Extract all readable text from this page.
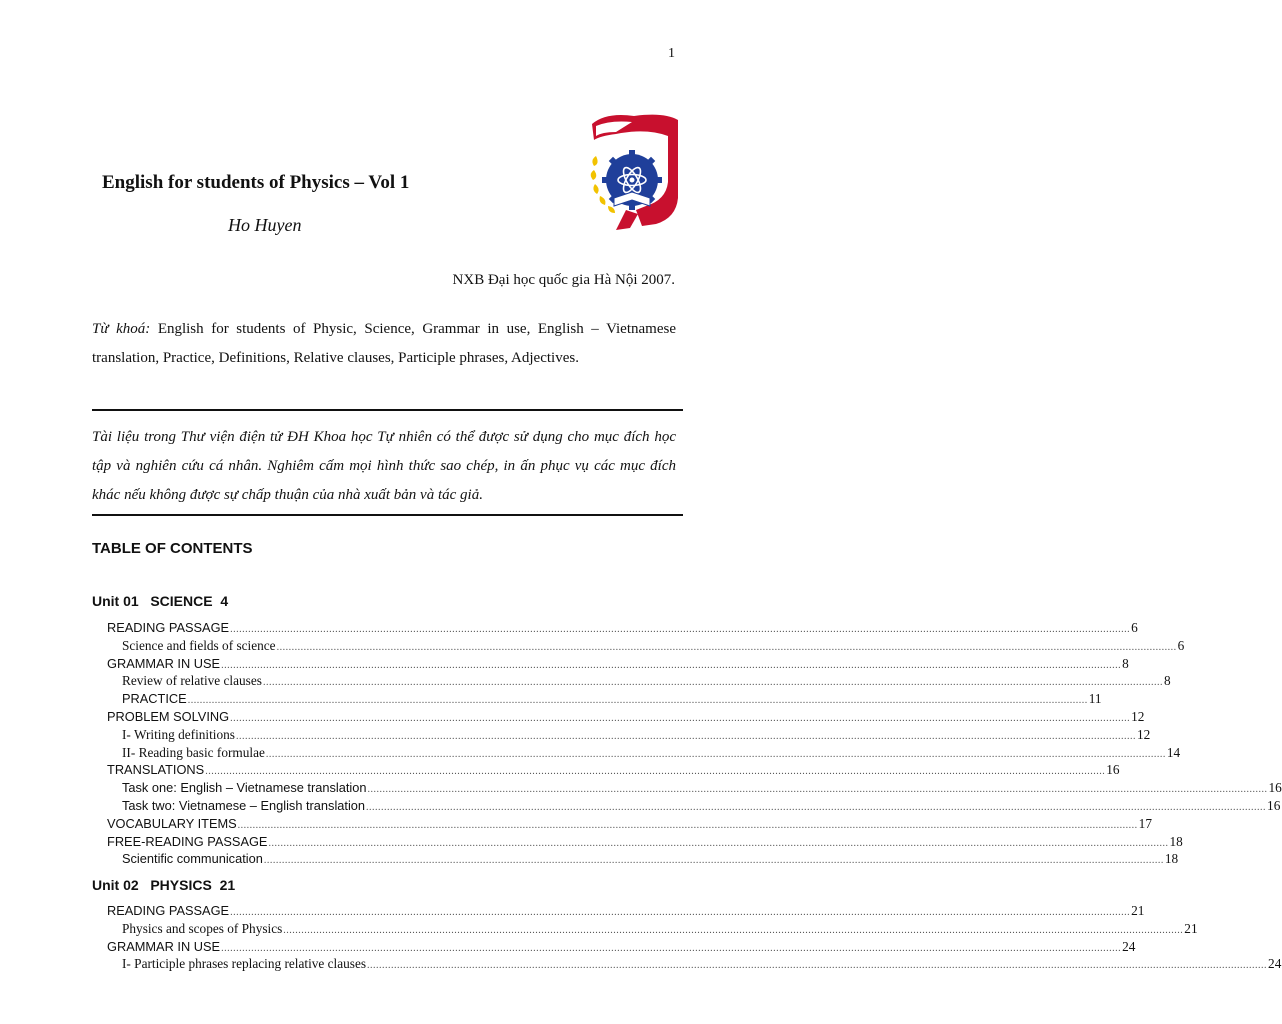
1
English for students of Physics – Vol 1
Ho Huyen
NXB Đại học quốc gia Hà Nội 2007.
Từ khoá: English for students of Physic, Science, Grammar in use, English – Vietnamese translation, Practice, Definitions, Relative clauses, Participle phrases, Adjectives.
Tài liệu trong Thư viện điện tử ĐH Khoa học Tự nhiên có thể được sử dụng cho mục đích học tập và nghiên cứu cá nhân. Nghiêm cấm mọi hình thức sao chép, in ấn phục vụ các mục đích khác nếu không được sự chấp thuận của nhà xuất bản và tác giả.
TABLE OF CONTENTS
Unit 01   SCIENCE  4
READING PASSAGE ............................................................................................................................................................................................................................................................................................................ 6
Science and fields of science ............................................................................................................................................................................................................................................................................................................ 6
GRAMMAR IN USE ............................................................................................................................................................................................................................................................................................................ 8
Review of relative clauses ............................................................................................................................................................................................................................................................................................................ 8
PRACTICE ............................................................................................................................................................................................................................................................................................................ 11
PROBLEM SOLVING ............................................................................................................................................................................................................................................................................................................ 12
I- Writing definitions ............................................................................................................................................................................................................................................................................................................ 12
II- Reading basic formulae ............................................................................................................................................................................................................................................................................................................ 14
TRANSLATIONS ............................................................................................................................................................................................................................................................................................................ 16
Task one: English – Vietnamese translation ............................................................................................................................................................................................................................................................................................................ 16
Task two: Vietnamese – English translation ............................................................................................................................................................................................................................................................................................................ 16
VOCABULARY ITEMS ............................................................................................................................................................................................................................................................................................................ 17
FREE-READING PASSAGE ............................................................................................................................................................................................................................................................................................................ 18
Scientific communication ............................................................................................................................................................................................................................................................................................................ 18
Unit 02   PHYSICS  21
READING PASSAGE ............................................................................................................................................................................................................................................................................................................ 21
Physics and scopes of Physics ............................................................................................................................................................................................................................................................................................................ 21
GRAMMAR IN USE ............................................................................................................................................................................................................................................................................................................ 24
I- Participle phrases replacing relative clauses ............................................................................................................................................................................................................................................................................................................ 24
